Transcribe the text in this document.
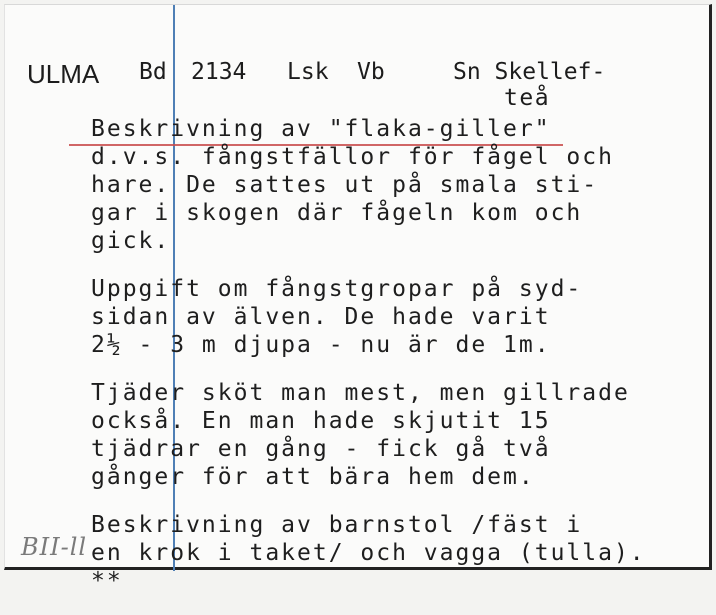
ULMA Bd 2134 Lsk Vb	Sn Skellef-
teå
Beskrivning av "flaka-giller"
d.v.s. fångstfällor för fågel och
hare. De sattes ut på smala sti-
gar i skogen där fågeln kom och
gick.
Uppgift om fångstgropar på syd-
sidan av älven. De hade varit
2½ - 3 m djupa - nu är de 1m.
Tjäder sköt man mest, men gillrade
också. En man hade skjutit 15
tjädrar en gång - fick gå två
gånger för att bära hem dem.
Beskrivning av barnstol /fäst i
en krok i taket/ och vagga (tulla).
**
BII-ll
